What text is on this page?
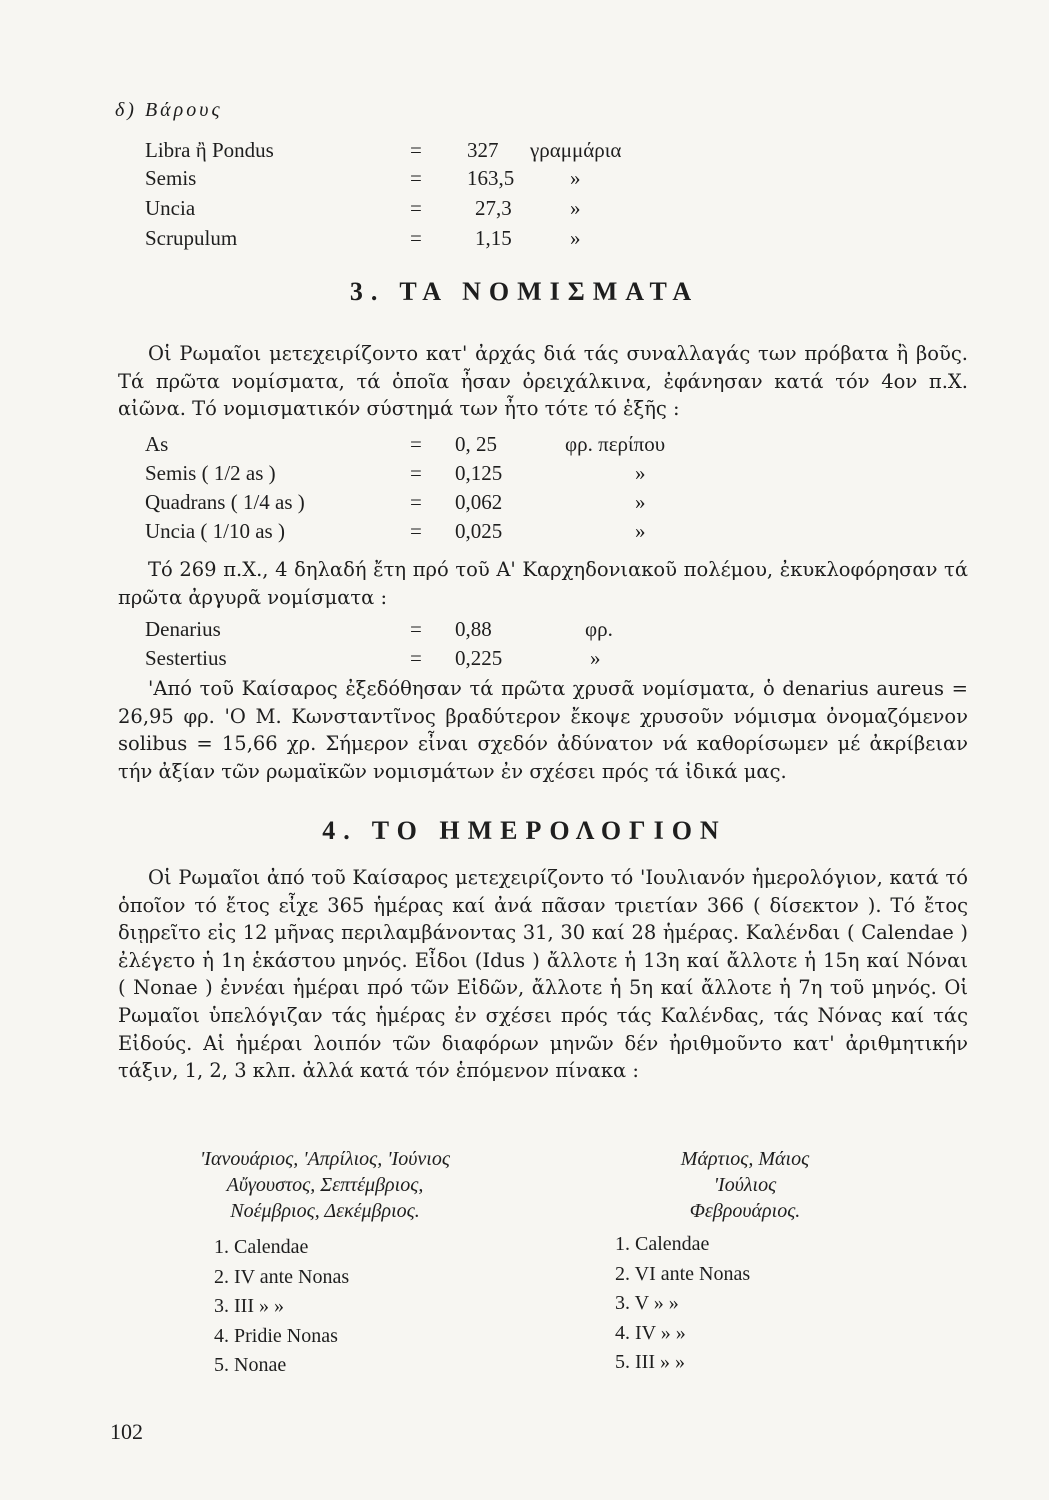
δ) Βάρους
Libra ἢ Pondus	= 327 γραμμάρια
Semis	= 163,5	»
Uncia	=	27,3	»
Scrupulum	=	1,15	»
3. ΤΑ ΝΟΜΙΣΜΑΤΑ

Οἱ Ρωμαῖοι μετεχειρίζοντο κατ' ἀρχάς διά τάς συναλλαγάς των πρόβατα ἢ βοῦς. Τά πρῶτα νομίσματα, τά ὁποῖα ἦσαν ὀρειχάλκινα, ἐφάνησαν κατά τόν 4ον π.Χ. αἰῶνα. Τό νομισματικόν σύστημά των ἦτο τότε τό ἑξῆς :

As	= 0, 25	φρ. περίπου
Semis ( 1/2 as )	= 0,125	»
Quadrans ( 1/4 as )	= 0,062	»
Uncia ( 1/10 as )	= 0,025	»

Τό 269 π.Χ., 4 δηλαδή ἔτη πρό τοῦ Α' Καρχηδονιακοῦ πολέμου, ἐκυκλοφόρησαν τά πρῶτα ἀργυρᾶ νομίσματα :

Denarius	= 0,88	φρ.
Sestertius	= 0,225	»

'Από τοῦ Καίσαρος ἐξεδόθησαν τά πρῶτα χρυσᾶ νομίσματα, ὁ denarius aureus = 26,95 φρ. 'Ο Μ. Κωνσταντῖνος βραδύτερον ἔκοψε χρυσοῦν νόμισμα ὀνομαζόμενον solibus = 15,66 χρ. Σήμερον εἶναι σχεδόν ἀδύνατον νά καθορίσωμεν μέ ἀκρίβειαν τήν ἀξίαν τῶν ρωμαϊκῶν νομισμάτων ἐν σχέσει πρός τά ἰδικά μας.

4. ΤΟ ΗΜΕΡΟΛΟΓΙΟΝ

Οἱ Ρωμαῖοι ἀπό τοῦ Καίσαρος μετεχειρίζοντο τό 'Ιουλιανόν ἡμερολόγιον, κατά τό ὁποῖον τό ἔτος εἶχε 365 ἡμέρας καί ἀνά πᾶσαν τριετίαν 366 ( δίσεκτον ). Τό ἔτος διῃρεῖτο εἰς 12 μῆνας περιλαμβάνοντας 31, 30 καί 28 ἡμέρας. Καλένδαι ( Calendae ) ἐλέγετο ἡ 1η ἑκάστου μηνός. Εἶδοι (Idus ) ἄλλοτε ἡ 13η καί ἄλλοτε ἡ 15η καί Νόναι ( Nonae ) ἐννέαι ἡμέραι πρό τῶν Εἰδῶν, ἄλλοτε ἡ 5η καί ἄλλοτε ἡ 7η τοῦ μηνός. Οἱ Ρωμαῖοι ὑπελόγιζαν τάς ἡμέρας ἐν σχέσει πρός τάς Καλένδας, τάς Νόνας καί τάς Εἰδούς. Αἱ ἡμέραι λοιπόν τῶν διαφόρων μηνῶν δέν ἠριθμοῦντο κατ' ἀριθμητικήν τάξιν, 1, 2, 3 κλπ. ἀλλά κατά τόν ἑπόμενον πίνακα :

'Ιανουάριος, 'Απρίλιος, 'Ιούνιος
Αὔγουστος, Σεπτέμβριος,
Νοέμβριος, Δεκέμβριος.
Μάρτιος, Μάιος
'Ιούλιος
Φεβρουάριος.
1. Calendae
2. IV ante Nonas
3. III » »
4. Pridie Nonas
5. Nonae
1. Calendae
2. VI ante Nonas
3. V » »
4. IV » »
5. III » »
102
